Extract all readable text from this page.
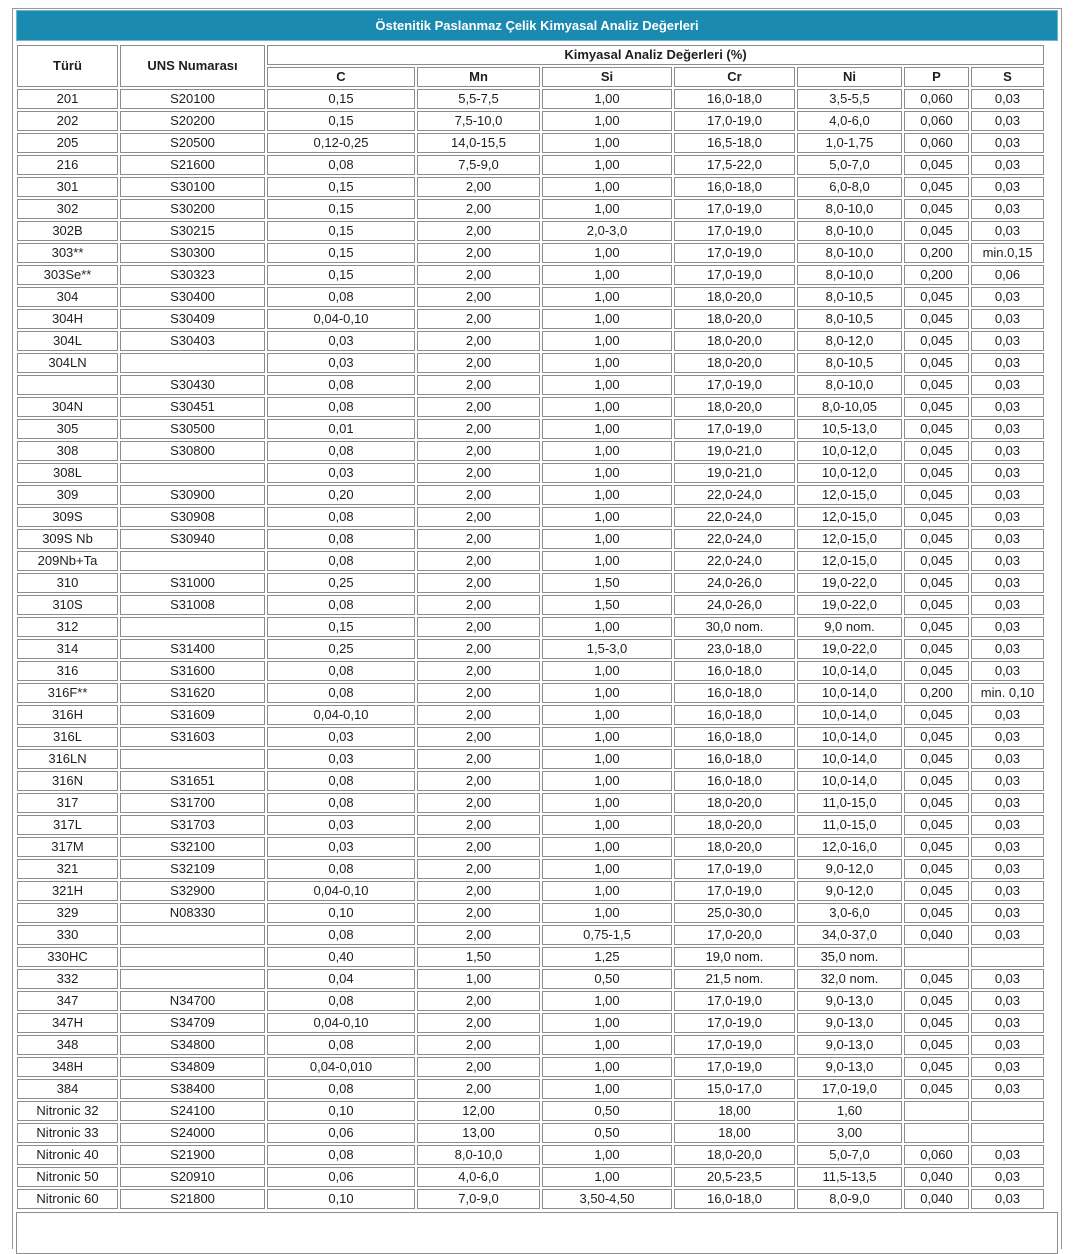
Östenitik Paslanmaz Çelik Kimyasal Analiz Değerleri
Türü	UNS Numarası	Kimyasal Analiz Değerleri (%)						
		C	Mn	Si	Cr	Ni	P	S
201	S20100	0,15	5,5-7,5	1,00	16,0-18,0	3,5-5,5	0,060	0,03
202	S20200	0,15	7,5-10,0	1,00	17,0-19,0	4,0-6,0	0,060	0,03
205	S20500	0,12-0,25	14,0-15,5	1,00	16,5-18,0	1,0-1,75	0,060	0,03
216	S21600	0,08	7,5-9,0	1,00	17,5-22,0	5,0-7,0	0,045	0,03
301	S30100	0,15	2,00	1,00	16,0-18,0	6,0-8,0	0,045	0,03
302	S30200	0,15	2,00	1,00	17,0-19,0	8,0-10,0	0,045	0,03
302B	S30215	0,15	2,00	2,0-3,0	17,0-19,0	8,0-10,0	0,045	0,03
303**	S30300	0,15	2,00	1,00	17,0-19,0	8,0-10,0	0,200	min.0,15
303Se**	S30323	0,15	2,00	1,00	17,0-19,0	8,0-10,0	0,200	0,06
304	S30400	0,08	2,00	1,00	18,0-20,0	8,0-10,5	0,045	0,03
304H	S30409	0,04-0,10	2,00	1,00	18,0-20,0	8,0-10,5	0,045	0,03
304L	S30403	0,03	2,00	1,00	18,0-20,0	8,0-12,0	0,045	0,03
304LN		0,03	2,00	1,00	18,0-20,0	8,0-10,5	0,045	0,03
	S30430	0,08	2,00	1,00	17,0-19,0	8,0-10,0	0,045	0,03
304N	S30451	0,08	2,00	1,00	18,0-20,0	8,0-10,05	0,045	0,03
305	S30500	0,01	2,00	1,00	17,0-19,0	10,5-13,0	0,045	0,03
308	S30800	0,08	2,00	1,00	19,0-21,0	10,0-12,0	0,045	0,03
308L		0,03	2,00	1,00	19,0-21,0	10,0-12,0	0,045	0,03
309	S30900	0,20	2,00	1,00	22,0-24,0	12,0-15,0	0,045	0,03
309S	S30908	0,08	2,00	1,00	22,0-24,0	12,0-15,0	0,045	0,03
309S Nb	S30940	0,08	2,00	1,00	22,0-24,0	12,0-15,0	0,045	0,03
209Nb+Ta		0,08	2,00	1,00	22,0-24,0	12,0-15,0	0,045	0,03
310	S31000	0,25	2,00	1,50	24,0-26,0	19,0-22,0	0,045	0,03
310S	S31008	0,08	2,00	1,50	24,0-26,0	19,0-22,0	0,045	0,03
312		0,15	2,00	1,00	30,0 nom.	9,0 nom.	0,045	0,03
314	S31400	0,25	2,00	1,5-3,0	23,0-18,0	19,0-22,0	0,045	0,03
316	S31600	0,08	2,00	1,00	16,0-18,0	10,0-14,0	0,045	0,03
316F**	S31620	0,08	2,00	1,00	16,0-18,0	10,0-14,0	0,200	min. 0,10
316H	S31609	0,04-0,10	2,00	1,00	16,0-18,0	10,0-14,0	0,045	0,03
316L	S31603	0,03	2,00	1,00	16,0-18,0	10,0-14,0	0,045	0,03
316LN		0,03	2,00	1,00	16,0-18,0	10,0-14,0	0,045	0,03
316N	S31651	0,08	2,00	1,00	16,0-18,0	10,0-14,0	0,045	0,03
317	S31700	0,08	2,00	1,00	18,0-20,0	11,0-15,0	0,045	0,03
317L	S31703	0,03	2,00	1,00	18,0-20,0	11,0-15,0	0,045	0,03
317M	S32100	0,03	2,00	1,00	18,0-20,0	12,0-16,0	0,045	0,03
321	S32109	0,08	2,00	1,00	17,0-19,0	9,0-12,0	0,045	0,03
321H	S32900	0,04-0,10	2,00	1,00	17,0-19,0	9,0-12,0	0,045	0,03
329	N08330	0,10	2,00	1,00	25,0-30,0	3,0-6,0	0,045	0,03
330		0,08	2,00	0,75-1,5	17,0-20,0	34,0-37,0	0,040	0,03
330HC		0,40	1,50	1,25	19,0 nom.	35,0 nom.		
332		0,04	1,00	0,50	21,5 nom.	32,0 nom.	0,045	0,03
347	N34700	0,08	2,00	1,00	17,0-19,0	9,0-13,0	0,045	0,03
347H	S34709	0,04-0,10	2,00	1,00	17,0-19,0	9,0-13,0	0,045	0,03
348	S34800	0,08	2,00	1,00	17,0-19,0	9,0-13,0	0,045	0,03
348H	S34809	0,04-0,010	2,00	1,00	17,0-19,0	9,0-13,0	0,045	0,03
384	S38400	0,08	2,00	1,00	15,0-17,0	17,0-19,0	0,045	0,03
Nitronic 32	S24100	0,10	12,00	0,50	18,00	1,60		
Nitronic 33	S24000	0,06	13,00	0,50	18,00	3,00		
Nitronic 40	S21900	0,08	8,0-10,0	1,00	18,0-20,0	5,0-7,0	0,060	0,03
Nitronic 50	S20910	0,06	4,0-6,0	1,00	20,5-23,5	11,5-13,5	0,040	0,03
Nitronic 60	S21800	0,10	7,0-9,0	3,50-4,50	16,0-18,0	8,0-9,0	0,040	0,03
